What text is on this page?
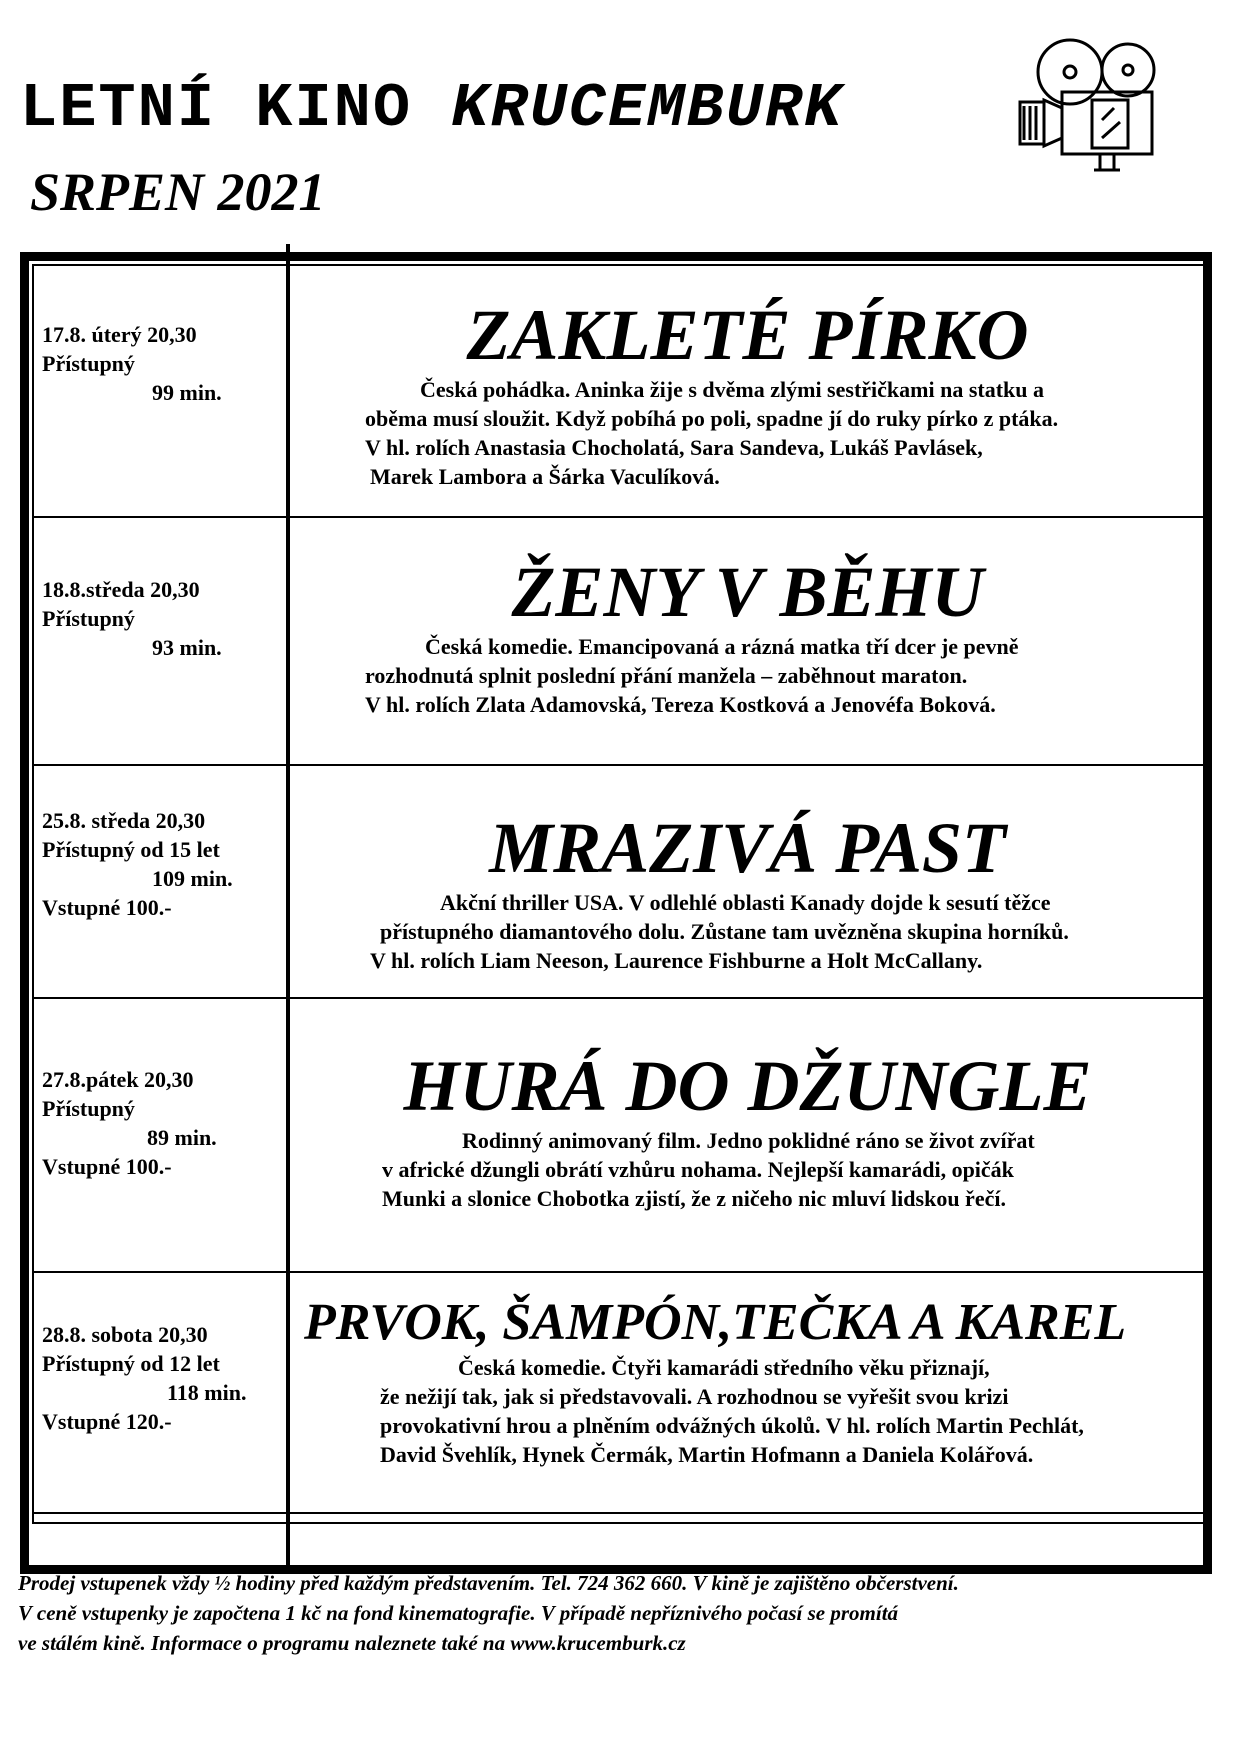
LETNÍ KINO KRUCEMBURK
SRPEN 2021
17.8. úterý 20,30
Přístupný
99 min.
ZAKLETÉ PÍRKO
Česká pohádka. Aninka žije s dvěma zlými sestřičkami na statku a
oběma musí sloužit. Když pobíhá po poli, spadne jí do ruky pírko z ptáka.
V hl. rolích Anastasia Chocholatá, Sara Sandeva, Lukáš Pavlásek,
Marek Lambora a Šárka Vaculíková.
18.8.středa 20,30
Přístupný
93 min.
ŽENY V BĚHU
Česká komedie. Emancipovaná a rázná matka tří dcer je pevně
rozhodnutá splnit poslední přání manžela – zaběhnout maraton.
V hl. rolích Zlata Adamovská, Tereza Kostková a Jenovéfa Boková.
25.8. středa 20,30
Přístupný od 15 let
109 min.
Vstupné 100.-
MRAZIVÁ PAST
Akční thriller USA. V odlehlé oblasti Kanady dojde k sesutí těžce
přístupného diamantového dolu. Zůstane tam uvězněna skupina horníků.
V hl. rolích Liam Neeson, Laurence Fishburne a Holt McCallany.
27.8.pátek 20,30
Přístupný
89 min.
Vstupné 100.-
HURÁ DO DŽUNGLE
Rodinný animovaný film. Jedno poklidné ráno se život zvířat
v africké džungli obrátí vzhůru nohama. Nejlepší kamarádi, opičák
Munki a slonice Chobotka zjistí, že z ničeho nic mluví lidskou řečí.
28.8. sobota 20,30
Přístupný od 12 let
118 min.
Vstupné 120.-
PRVOK, ŠAMPÓN,TEČKA A KAREL
Česká komedie. Čtyři kamarádi středního věku přiznají,
že nežijí tak, jak si představovali. A rozhodnou se vyřešit svou krizi
provokativní hrou a plněním odvážných úkolů. V hl. rolích Martin Pechlát,
David Švehlík, Hynek Čermák, Martin Hofmann a Daniela Kolářová.
Prodej vstupenek vždy ½ hodiny před každým představením. Tel. 724 362 660. V kině je zajištěno občerstvení.
V ceně vstupenky je započtena 1 kč na fond kinematografie. V případě nepříznivého počasí se promítá
ve stálém kině. Informace o programu naleznete také na www.krucemburk.cz
